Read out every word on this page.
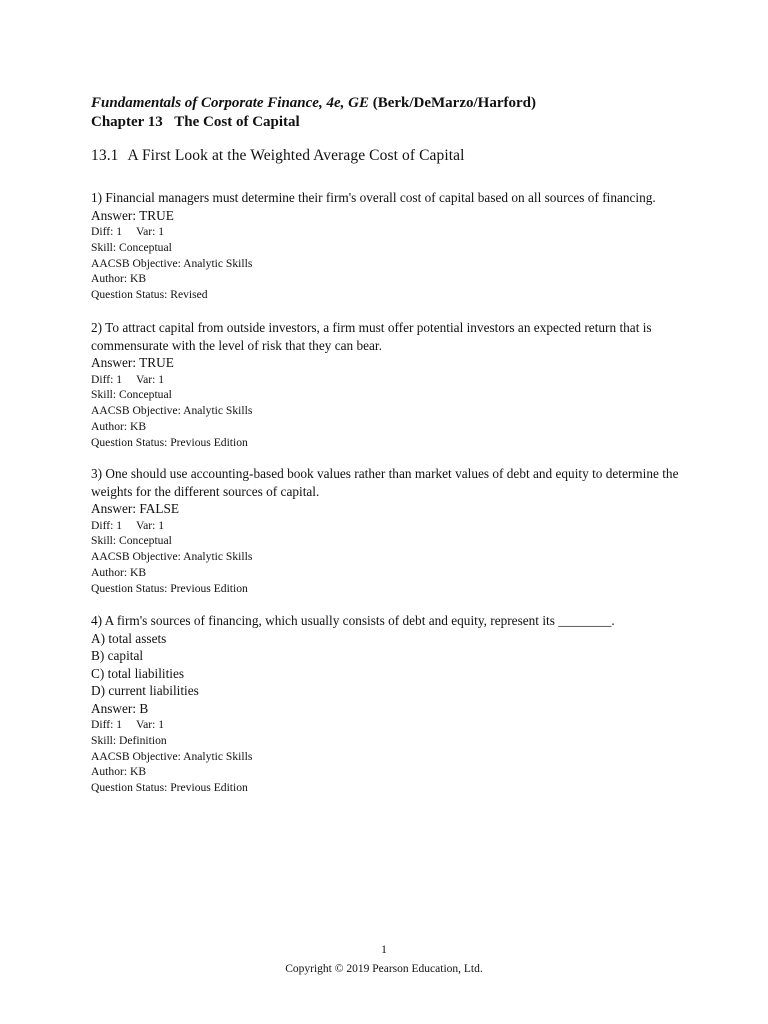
Fundamentals of Corporate Finance, 4e, GE (Berk/DeMarzo/Harford)
Chapter 13 The Cost of Capital
13.1 A First Look at the Weighted Average Cost of Capital

1) Financial managers must determine their firm's overall cost of capital based on all sources of financing.

Answer: TRUE
Diff: 1 Var: 1
Skill: Conceptual
AACSB Objective: Analytic Skills
Author: KB
Question Status: Revised

2) To attract capital from outside investors, a firm must offer potential investors an expected return that is commensurate with the level of risk that they can bear.

Answer: TRUE
Diff: 1 Var: 1
Skill: Conceptual
AACSB Objective: Analytic Skills
Author: KB
Question Status: Previous Edition

3) One should use accounting-based book values rather than market values of debt and equity to determine the weights for the different sources of capital.

Answer: FALSE
Diff: 1 Var: 1
Skill: Conceptual
AACSB Objective: Analytic Skills
Author: KB
Question Status: Previous Edition

4) A firm's sources of financing, which usually consists of debt and equity, represent its ________.

A) total assets
B) capital
C) total liabilities
D) current liabilities
Answer: B
Diff: 1 Var: 1
Skill: Definition
AACSB Objective: Analytic Skills
Author: KB
Question Status: Previous Edition
1
Copyright © 2019 Pearson Education, Ltd.
